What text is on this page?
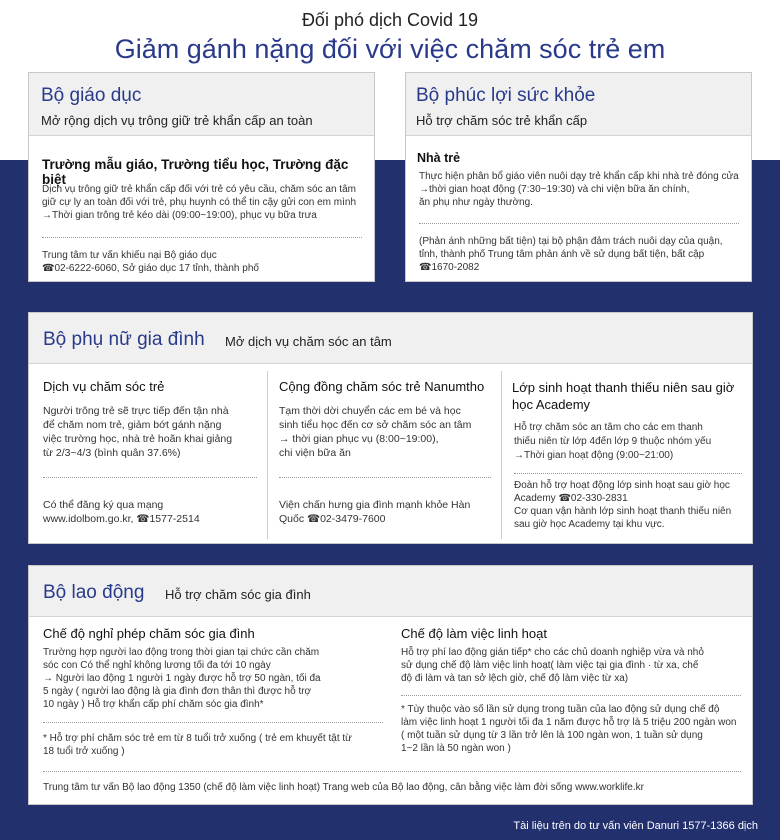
Đối phó dịch Covid 19
Giảm gánh nặng đối với việc chăm sóc trẻ em
Bộ giáo dục
Mở rộng dịch vụ trông giữ trẻ khẩn cấp an toàn
Trường mẫu giáo, Trường tiểu học, Trường đặc biệt
Dịch vụ trông giữ trẻ khẩn cấp đối với trẻ có yêu cầu, chăm sóc an tâm
giữ cự ly an toàn đối với trẻ, phụ huynh có thể tin cậy gửi con em mình
→Thời gian trông trẻ kéo dài (09:00~19:00), phục vụ bữa trưa
Trung tâm tư vấn khiếu nại Bộ giáo dục
☎02-6222-6060, Sở giáo dục 17 tỉnh, thành phố
Bộ phúc lợi sức khỏe
Hỗ trợ chăm sóc trẻ khẩn cấp
Nhà trẻ
Thực hiện phân bổ giáo viên nuôi dạy trẻ khẩn cấp khi nhà trẻ đóng cửa
→thời gian hoạt động (7:30~19:30) và chi viện bữa ăn chính,
ăn phụ như ngày thường.
(Phản ánh những bất tiện) tại bộ phận đảm trách nuôi dạy của quận,
tỉnh, thành phố Trung tâm phản ánh về sử dụng bất tiện, bất cập
☎1670-2082
Bộ phụ nữ gia đình Mở dịch vụ chăm sóc an tâm
Dịch vụ chăm sóc trẻ
Người trông trẻ sẽ trực tiếp đến tận nhà
để chăm nom trẻ, giảm bớt gánh nặng
việc trường học, nhà trẻ hoãn khai giảng
từ 2/3~4/3 (bình quân 37.6%)
Có thể đăng ký qua mạng
www.idolbom.go.kr, ☎1577-2514
Cộng đồng chăm sóc trẻ Nanumtho
Tạm thời dời chuyển các em bé và học
sinh tiểu học đến cơ sở chăm sóc an tâm
→ thời gian phục vụ (8:00~19:00),
chi viện bữa ăn
Viện chấn hưng gia đình mạnh khỏe Hàn
Quốc ☎02-3479-7600
Lớp sinh hoạt thanh thiếu niên sau giờ học Academy
Hỗ trợ chăm sóc an tâm cho các em thanh
thiếu niên từ lớp 4đến lớp 9 thuộc nhóm yếu
→Thời gian hoạt động (9:00~21:00)
Đoàn hỗ trợ hoạt động lớp sinh hoạt sau giờ học
Academy ☎02-330-2831
Cơ quan vận hành lớp sinh hoạt thanh thiếu niên
sau giờ học Academy tại khu vực.
Bộ lao động Hỗ trợ chăm sóc gia đình
Chế độ nghỉ phép chăm sóc gia đình
Trường hợp người lao động trong thời gian tại chức cần chăm
sóc con Có thể nghỉ không lương tối đa tới 10 ngày
→ Người lao động 1 người 1 ngày được hỗ trợ 50 ngàn, tối đa
5 ngày ( người lao động là gia đình đơn thân thì được hỗ trợ
10 ngày ) Hỗ trợ khẩn cấp phí chăm sóc gia đình*
* Hỗ trợ phí chăm sóc trẻ em từ 8 tuổi trở xuống ( trẻ em khuyết tật từ
18 tuổi trở xuống )
Chế độ làm việc linh hoạt
Hỗ trợ phí lao động gián tiếp* cho các chủ doanh nghiệp vừa và nhỏ
sử dụng chế độ làm việc linh hoạt( làm việc tại gia đình · từ xa, chế
độ đi làm và tan sở lệch giờ, chế độ làm việc từ xa)
* Tùy thuộc vào số lần sử dụng trong tuần của lao động sử dụng chế độ
làm việc linh hoạt 1 người tối đa 1 năm được hỗ trợ là 5 triệu 200 ngàn won
( một tuần sử dụng từ 3 lần trở lên là 100 ngàn won, 1 tuần sử dụng
1~2 lần là 50 ngàn won )
Trung tâm tư vấn Bộ lao động 1350 (chế độ làm việc linh hoạt) Trang web của Bộ lao động, cân bằng việc làm đời sống www.worklife.kr
Tài liệu trên do tư vấn viên Danuri 1577-1366 dịch
